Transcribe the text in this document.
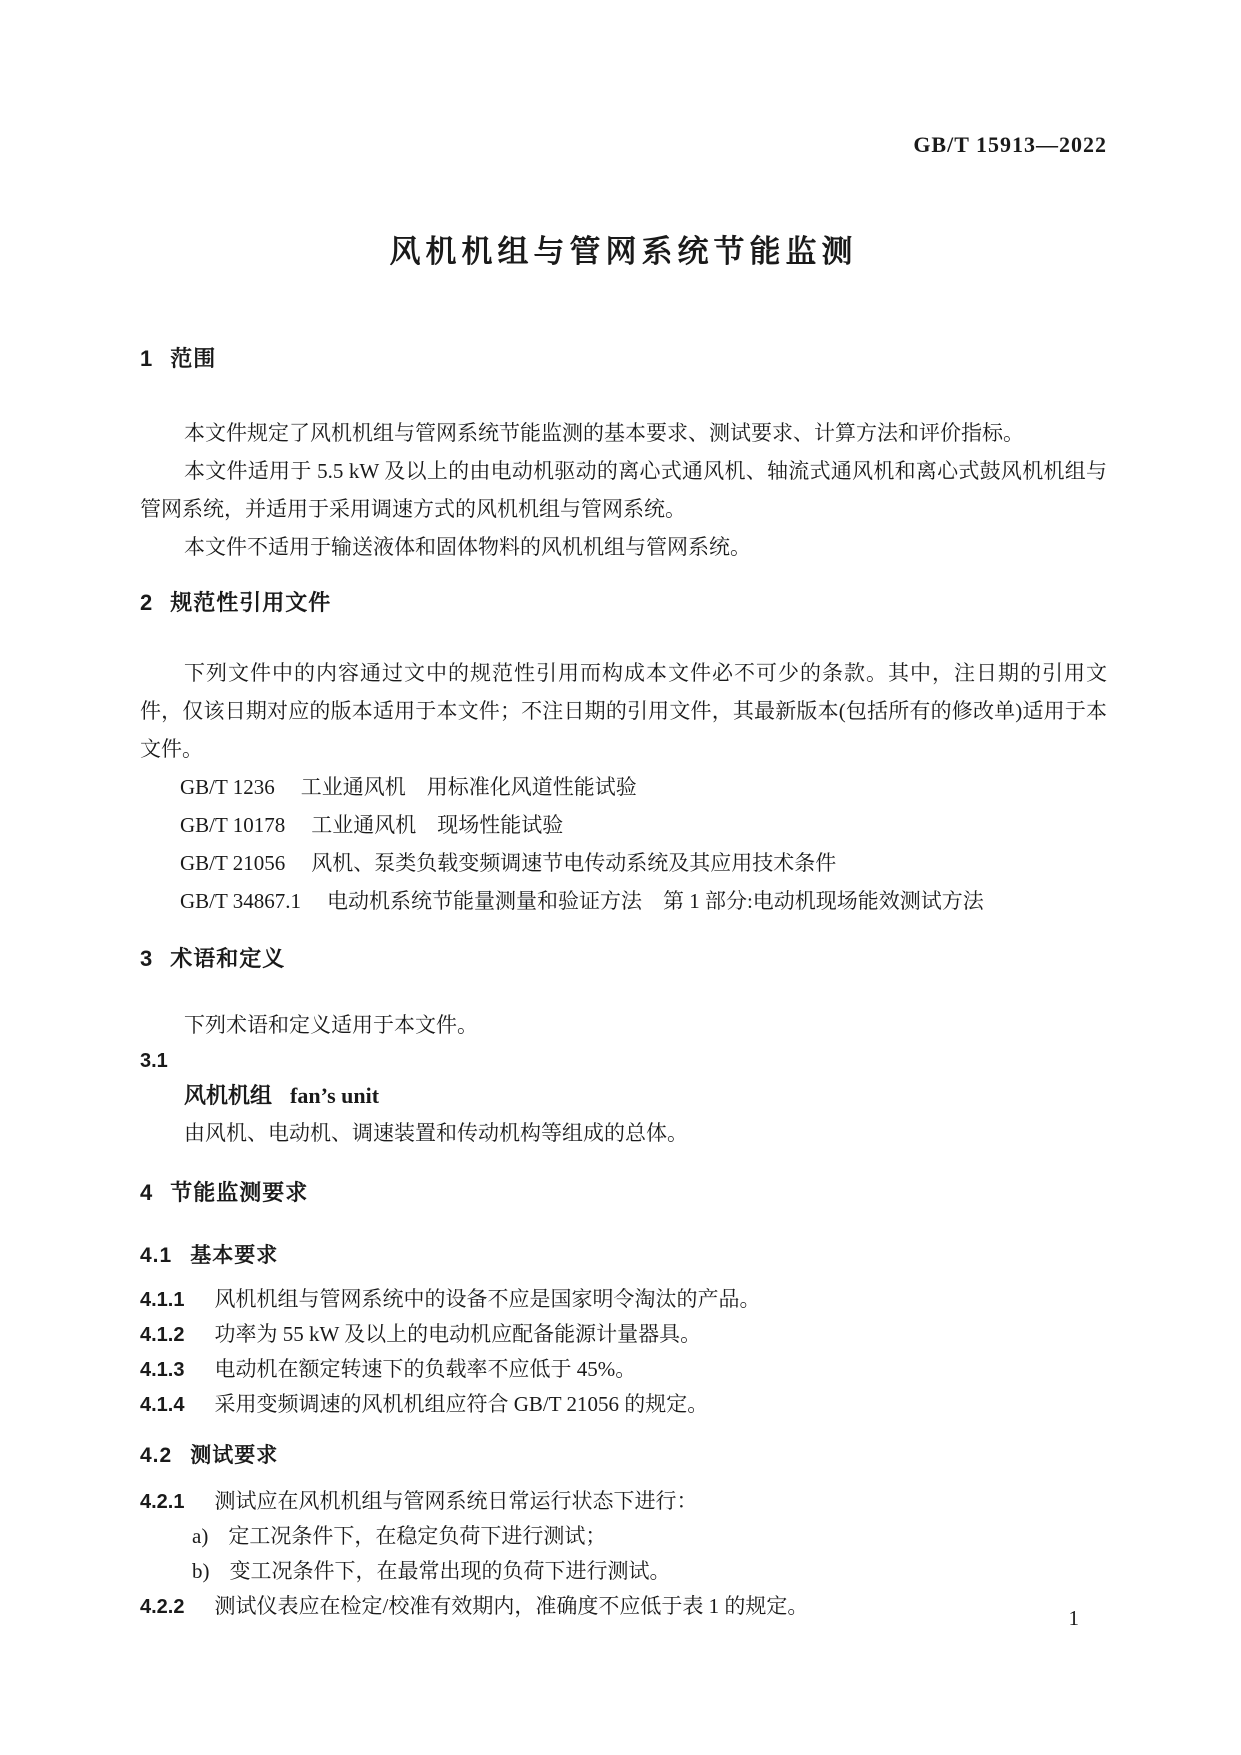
GB/T 15913—2022
风机机组与管网系统节能监测
1 范围

本文件规定了风机机组与管网系统节能监测的基本要求、测试要求、计算方法和评价指标。

本文件适用于 5.5 kW 及以上的由电动机驱动的离心式通风机、轴流式通风机和离心式鼓风机机组与管网系统，并适用于采用调速方式的风机机组与管网系统。

本文件不适用于输送液体和固体物料的风机机组与管网系统。

2 规范性引用文件

下列文件中的内容通过文中的规范性引用而构成本文件必不可少的条款。其中，注日期的引用文件，仅该日期对应的版本适用于本文件；不注日期的引用文件，其最新版本(包括所有的修改单)适用于本文件。

GB/T 1236 工业通风机　用标准化风道性能试验
GB/T 10178 工业通风机　现场性能试验
GB/T 21056 风机、泵类负载变频调速节电传动系统及其应用技术条件
GB/T 34867.1 电动机系统节能量测量和验证方法　第 1 部分:电动机现场能效测试方法
3 术语和定义

下列术语和定义适用于本文件。

3.1
风机机组 fan’s unit

由风机、电动机、调速装置和传动机构等组成的总体。

4 节能监测要求
4.1 基本要求
4.1.1 风机机组与管网系统中的设备不应是国家明令淘汰的产品。
4.1.2 功率为 55 kW 及以上的电动机应配备能源计量器具。
4.1.3 电动机在额定转速下的负载率不应低于 45%。
4.1.4 采用变频调速的风机机组应符合 GB/T 21056 的规定。
4.2 测试要求
4.2.1 测试应在风机机组与管网系统日常运行状态下进行：
a) 定工况条件下，在稳定负荷下进行测试；
b) 变工况条件下，在最常出现的负荷下进行测试。
4.2.2 测试仪表应在检定/校准有效期内，准确度不应低于表 1 的规定。	1
